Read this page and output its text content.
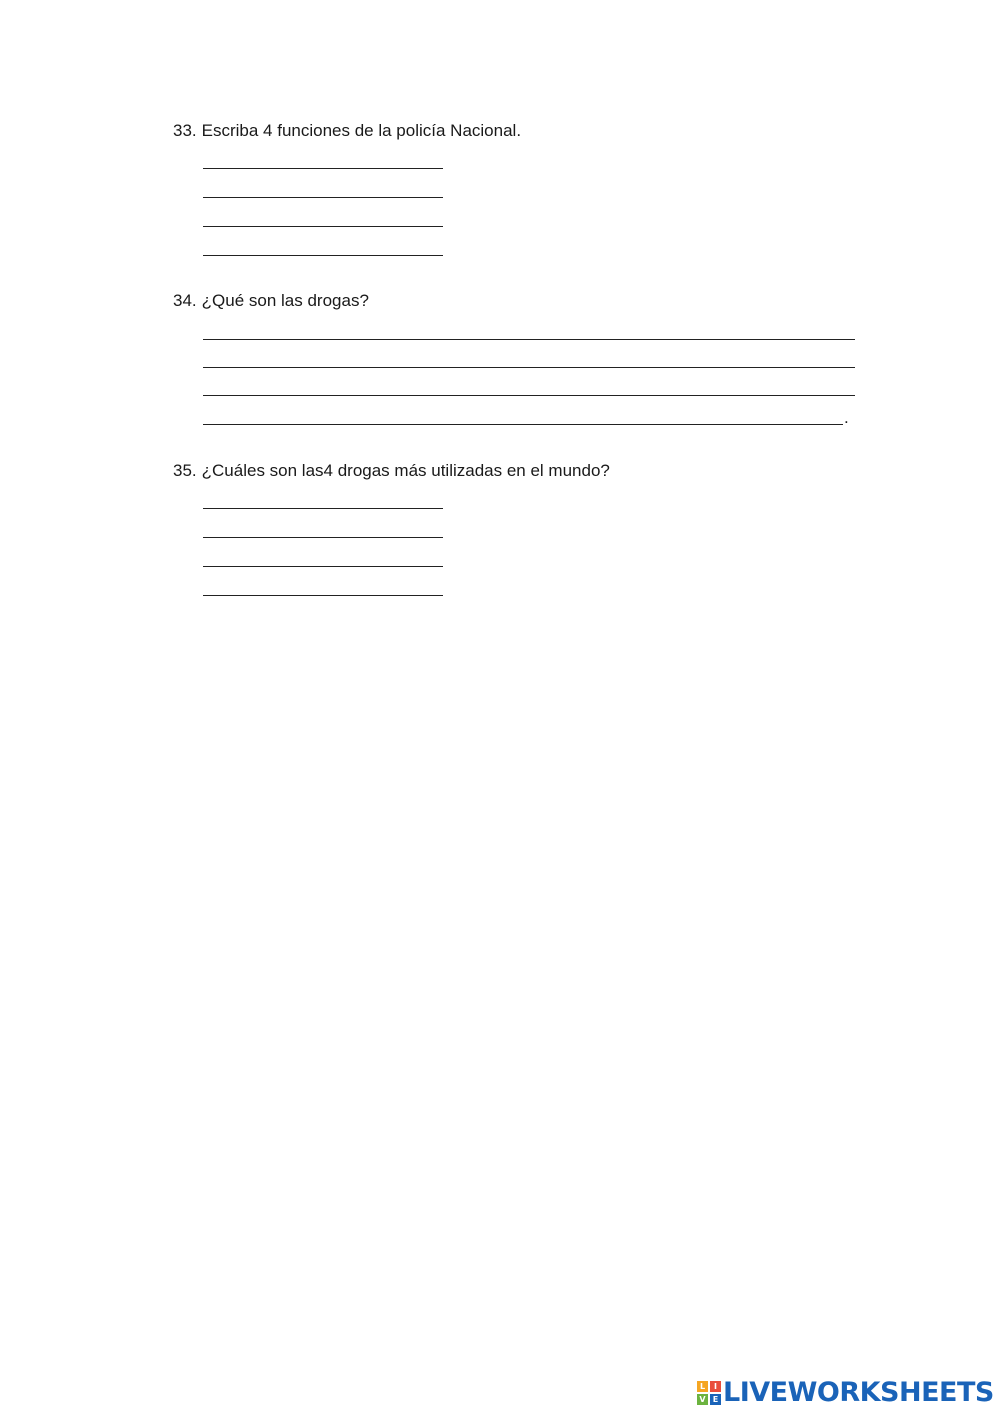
33. Escriba 4 funciones de la policía Nacional.
34. ¿Qué son las drogas?
.
35. ¿Cuáles son las4 drogas más utilizadas en el mundo?
L	I
V E LIVEWORKSHEETS
